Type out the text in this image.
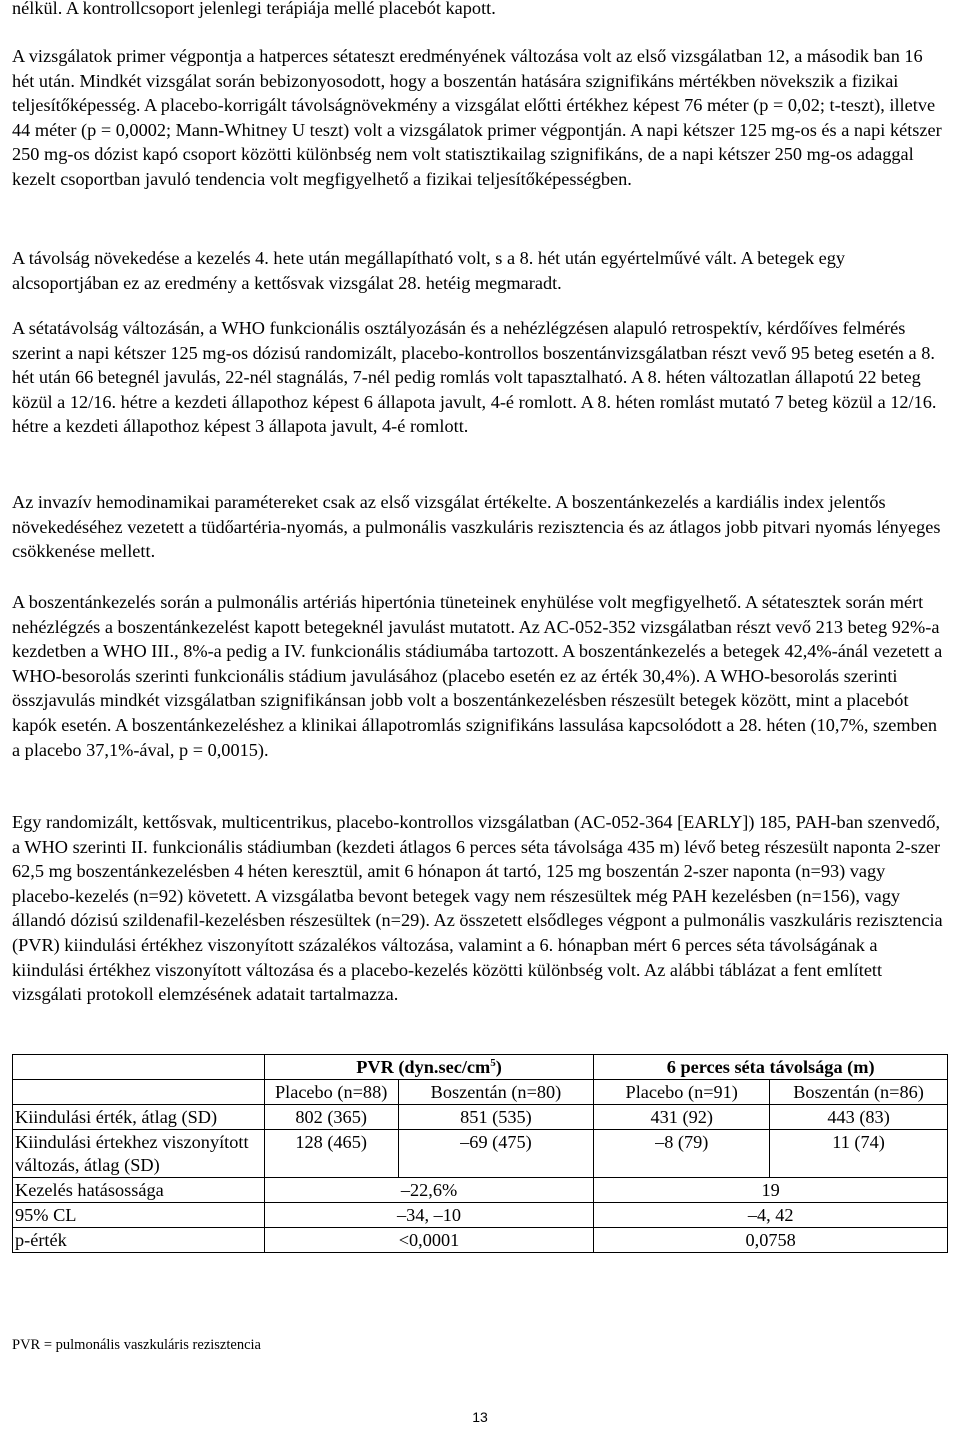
nélkül. A kontrollcsoport jelenlegi terápiája mellé placebót kapott.

A vizsgálatok primer végpontja a hatperces sétateszt eredményének változása volt az első vizsgálatban 12, a második ban 16 hét után. Mindkét vizsgálat során bebizonyosodott, hogy a boszentán hatására szignifikáns mértékben növekszik a fizikai teljesítőképesség. A placebo-korrigált távolságnövekmény a vizsgálat előtti értékhez képest 76 méter (p = 0,02; t-teszt), illetve 44 méter (p = 0,0002; Mann-Whitney U teszt) volt a vizsgálatok primer végpontján. A napi kétszer 125 mg-os és a napi kétszer 250 mg-os dózist kapó csoport közötti különbség nem volt statisztikailag szignifikáns, de a napi kétszer 250 mg-os adaggal kezelt csoportban javuló tendencia volt megfigyelhető a fizikai teljesítőképességben.

A távolság növekedése a kezelés 4. hete után megállapítható volt, s a 8. hét után egyértelművé vált. A betegek egy alcsoportjában ez az eredmény a kettősvak vizsgálat 28. hetéig megmaradt.

A sétatávolság változásán, a WHO funkcionális osztályozásán és a nehézlégzésen alapuló retrospektív, kérdőíves felmérés szerint a napi kétszer 125 mg-os dózisú randomizált, placebo-kontrollos boszentánvizsgálatban részt vevő 95 beteg esetén a 8. hét után 66 betegnél javulás, 22-nél stagnálás, 7-nél pedig romlás volt tapasztalható. A 8. héten változatlan állapotú 22 beteg közül a 12/16. hétre a kezdeti állapothoz képest 6 állapota javult, 4-é romlott. A 8. héten romlást mutató 7 beteg közül a 12/16. hétre a kezdeti állapothoz képest 3 állapota javult, 4-é romlott.

Az invazív hemodinamikai paramétereket csak az első vizsgálat értékelte. A boszentánkezelés a kardiális index jelentős növekedéséhez vezetett a tüdőartéria-nyomás, a pulmonális vaszkuláris rezisztencia és az átlagos jobb pitvari nyomás lényeges csökkenése mellett.

A boszentánkezelés során a pulmonális artériás hipertónia tüneteinek enyhülése volt megfigyelhető. A sétatesztek során mért nehézlégzés a boszentánkezelést kapott betegeknél javulást mutatott. Az AC-052-352 vizsgálatban részt vevő 213 beteg 92%-a kezdetben a WHO III., 8%-a pedig a IV. funkcionális stádiumába tartozott. A boszentánkezelés a betegek 42,4%-ánál vezetett a WHO-besorolás szerinti funkcionális stádium javulásához (placebo esetén ez az érték 30,4%). A WHO-besorolás szerinti összjavulás mindkét vizsgálatban szignifikánsan jobb volt a boszentánkezelésben részesült betegek között, mint a placebót kapók esetén. A boszentánkezeléshez a klinikai állapotromlás szignifikáns lassulása kapcsolódott a 28. héten (10,7%, szemben a placebo 37,1%-ával, p = 0,0015).

Egy randomizált, kettősvak, multicentrikus, placebo-kontrollos vizsgálatban (AC-052-364 [EARLY]) 185, PAH-ban szenvedő, a WHO szerinti II. funkcionális stádiumban (kezdeti átlagos 6 perces séta távolsága 435 m) lévő beteg részesült naponta 2-szer 62,5 mg boszentánkezelésben 4 héten keresztül, amit 6 hónapon át tartó, 125 mg boszentán 2-szer naponta (n=93) vagy placebo-kezelés (n=92) követett. A vizsgálatba bevont betegek vagy nem részesültek még PAH kezelésben (n=156), vagy állandó dózisú szildenafil-kezelésben részesültek (n=29). Az összetett elsődleges végpont a pulmonális vaszkuláris rezisztencia (PVR) kiindulási értékhez viszonyított százalékos változása, valamint a 6. hónapban mért 6 perces séta távolságának a kiindulási értékhez viszonyított változása és a placebo-kezelés közötti különbség volt. Az alábbi táblázat a fent említett vizsgálati protokoll elemzésének adatait tartalmazza.

	PVR $(dyn.\sec/cm^5)$		6 perces séta távolsága (m)	
	Placebo (n=88)	Boszentán (n=80)	Placebo (n=91)	Boszentán (n=86)
Kiindulási érték, átlag (SD)	802 (365)	851 (535)	431 (92)	443 (83)
Kiindulási értekhez viszonyított változás, átlag (SD)	128 (465)	–69 (475)	–8 (79)	11 (74)
Kezelés hatásossága	–22,6%		19	
95% CL	–34, –10		–4, 42	
p-érték	<0,0001		0,0758	
PVR = pulmonális vaszkuláris rezisztencia
13
